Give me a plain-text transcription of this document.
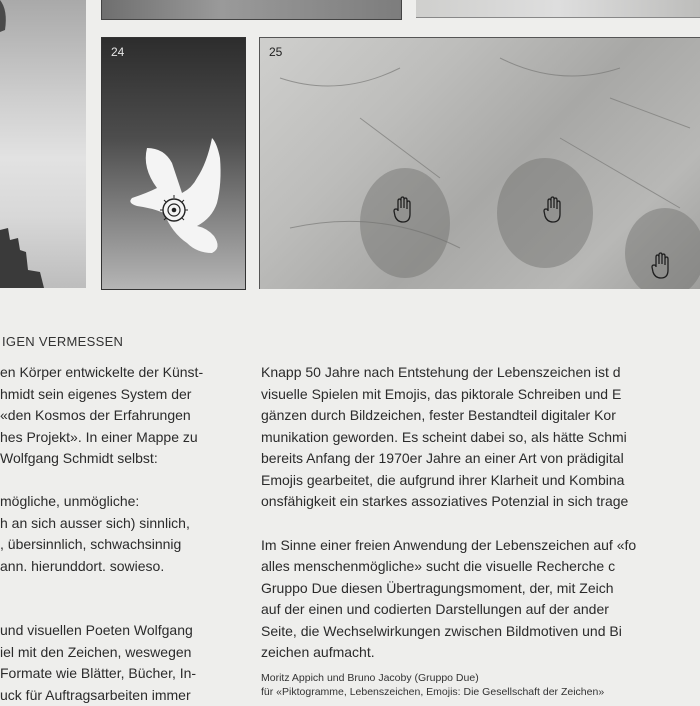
24	25
IGEN VERMESSEN
en Körper entwickelte der Künst-
hmidt sein eigenes System der
«den Kosmos der Erfahrungen
hes Projekt». In einer Mappe zu
Wolfgang Schmidt selbst:
mögliche, unmögliche:
h an sich ausser sich) sinnlich,
, übersinnlich, schwachsinnig
ann. hierunddort. sowieso.
und visuellen Poeten Wolfgang
iel mit den Zeichen, weswegen
Formate wie Blätter, Bücher, In-
uck für Auftragsarbeiten immer
Knapp 50 Jahre nach Entstehung der Lebenszeichen ist d
visuelle Spielen mit Emojis, das piktorale Schreiben und E
gänzen durch Bildzeichen, fester Bestandteil digitaler Kor
munikation geworden. Es scheint dabei so, als hätte Schmi
bereits Anfang der 1970er Jahre an einer Art von prädigital
Emojis gearbeitet, die aufgrund ihrer Klarheit und Kombina
onsfähigkeit ein starkes assoziatives Potenzial in sich trage
Im Sinne einer freien Anwendung der Lebenszeichen auf «fo
alles menschenmögliche» sucht die visuelle Recherche c
Gruppo Due diesen Übertragungsmoment, der, mit Zeich
auf der einen und codierten Darstellungen auf der ander
Seite, die Wechselwirkungen zwischen Bildmotiven und Bi
zeichen aufmacht.
Moritz Appich und Bruno Jacoby (Gruppo Due)
für «Piktogramme, Lebenszeichen, Emojis: Die Gesellschaft der Zeichen»
